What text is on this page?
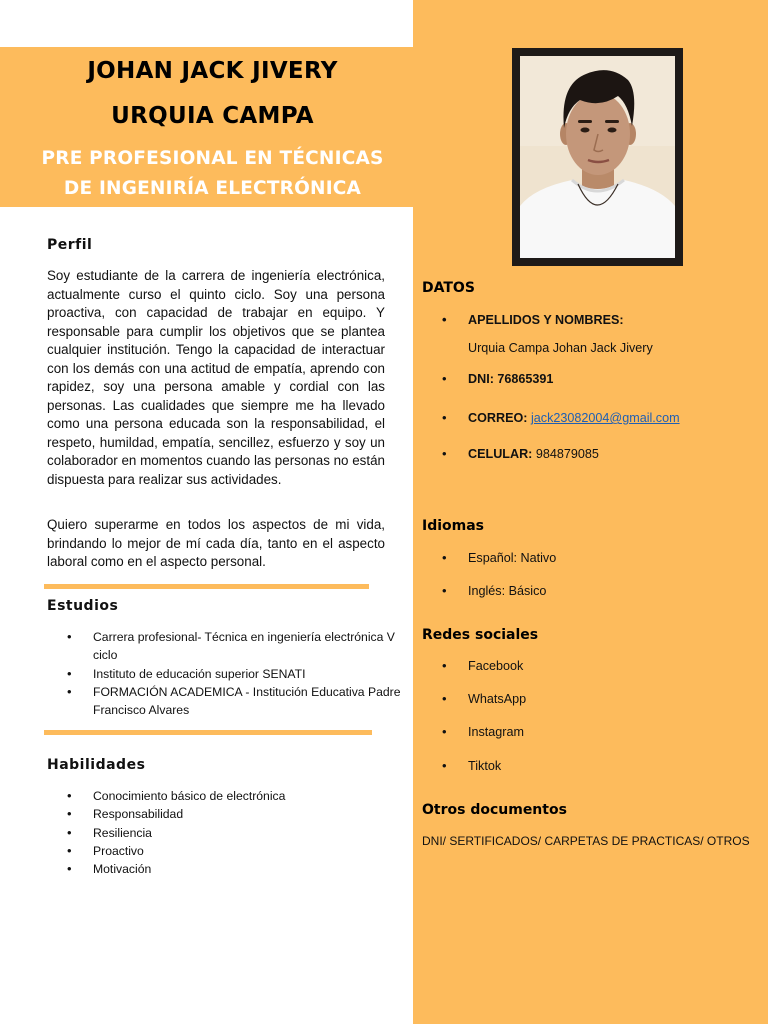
JOHAN JACK JIVERY
URQUIA CAMPA
PRE PROFESIONAL EN TÉCNICAS
DE INGENIRÍA ELECTRÓNICA
Perfil
Soy estudiante de la carrera de ingeniería electrónica, actualmente curso el quinto ciclo. Soy una persona proactiva, con capacidad de trabajar en equipo. Y responsable para cumplir los objetivos que se plantea cualquier institución. Tengo la capacidad de interactuar con los demás con una actitud de empatía, aprendo con rapidez, soy una persona amable y cordial con las personas. Las cualidades que siempre me ha llevado como una persona educada son la responsabilidad, el respeto, humildad, empatía, sencillez, esfuerzo y soy un colaborador en momentos cuando las personas no están dispuesta para realizar sus actividades.
Quiero superarme en todos los aspectos de mi vida, brindando lo mejor de mí cada día, tanto en el aspecto laboral como en el aspecto personal.
Estudios
• Carrera profesional- Técnica en ingeniería electrónica V ciclo
• Instituto de educación superior SENATI
• FORMACIÓN ACADEMICA - Institución Educativa Padre Francisco Alvares
Habilidades
• Conocimiento básico de electrónica
• Responsabilidad
• Resiliencia
• Proactivo
• Motivación
DATOS
• APELLIDOS Y NOMBRES:
Urquia Campa Johan Jack Jivery
• DNI: 76865391
• CORREO: jack23082004@gmail.com
• CELULAR: 984879085
Idiomas
• Español: Nativo
• Inglés: Básico
Redes sociales
• Facebook
• WhatsApp
• Instagram
• Tiktok
Otros documentos
DNI/ SERTIFICADOS/ CARPETAS DE PRACTICAS/ OTROS
